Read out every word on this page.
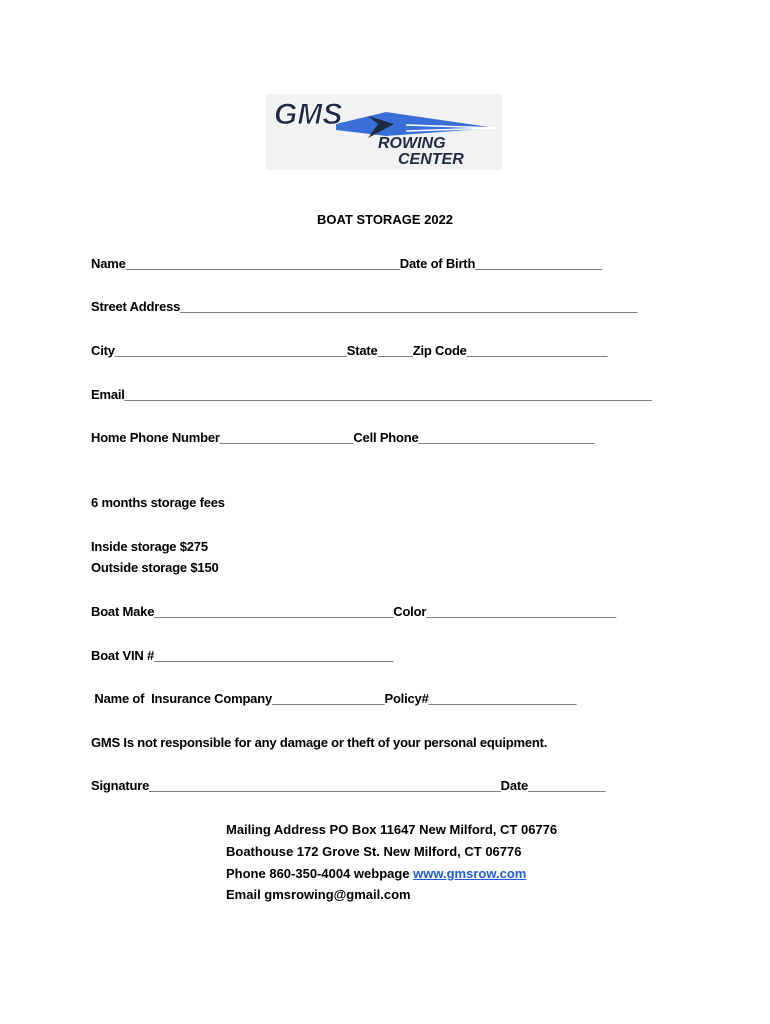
GMS
ROWING
CENTER
BOAT STORAGE 2022
Name_______________________________________Date of Birth__________________
Street Address_________________________________________________________________
City_________________________________State_____Zip Code____________________
Email___________________________________________________________________________
Home Phone Number___________________Cell Phone_________________________
6 months storage fees
Inside storage $275
Outside storage $150
Boat Make__________________________________Color___________________________
Boat VIN #__________________________________
Name of  Insurance Company________________Policy#_____________________
GMS Is not responsible for any damage or theft of your personal equipment.
Signature__________________________________________________Date___________
Mailing Address PO Box 11647 New Milford, CT 06776
Boathouse 172 Grove St. New Milford, CT 06776
Phone 860-350-4004 webpage www.gmsrow.com
Email gmsrowing@gmail.com
